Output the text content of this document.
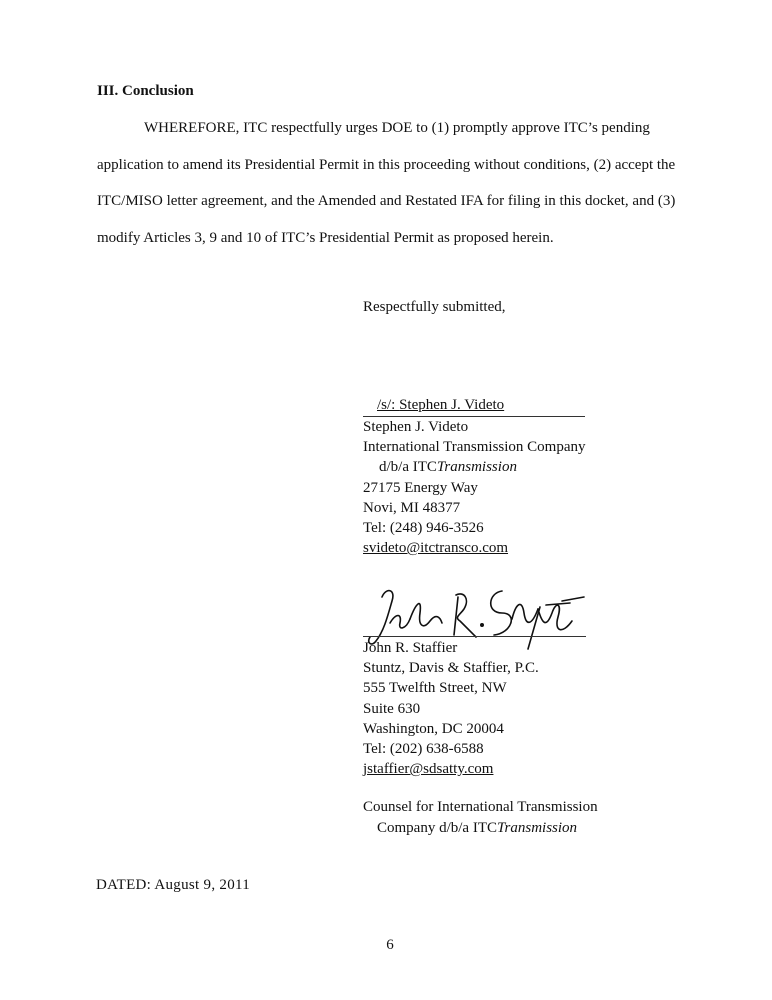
III. Conclusion

WHEREFORE, ITC respectfully urges DOE to (1) promptly approve ITC’s pending application to amend its Presidential Permit in this proceeding without conditions, (2) accept the ITC/MISO letter agreement, and the Amended and Restated IFA for filing in this docket, and (3) modify Articles 3, 9 and 10 of ITC’s Presidential Permit as proposed herein.

Respectfully submitted,
/s/: Stephen J. Videto
Stephen J. Videto
International Transmission Company
d/b/a ITCTransmission
27175 Energy Way
Novi, MI 48377
Tel: (248) 946-3526
svideto@itctransco.com
John R. Staffier
Stuntz, Davis & Staffier, P.C.
555 Twelfth Street, NW
Suite 630
Washington, DC 20004
Tel: (202) 638-6588
jstaffier@sdsatty.com
Counsel for International Transmission
Company d/b/a ITCTransmission
DATED: August 9, 2011
6
